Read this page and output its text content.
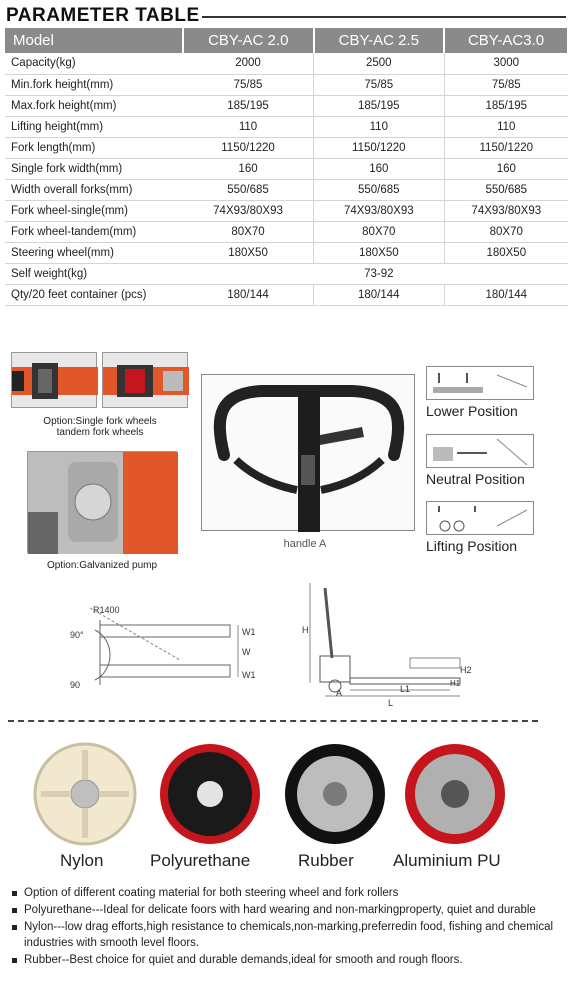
PARAMETER TABLE
Model	CBY-AC 2.0	CBY-AC 2.5	CBY-AC3.0
Capacity(kg)	2000	2500	3000
Min.fork height(mm)	75/85	75/85	75/85
Max.fork height(mm)	185/195	185/195	185/195
Lifting height(mm)	110	110	110
Fork length(mm)	1150/1220	1150/1220	1150/1220
Single fork width(mm)	160	160	160
Width overall forks(mm)	550/685	550/685	550/685
Fork wheel-single(mm)	74X93/80X93	74X93/80X93	74X93/80X93
Fork wheel-tandem(mm)	80X70	80X70	80X70
Steering wheel(mm)	180X50	180X50	180X50
Self weight(kg)		73-92	
Qty/20 feet container (pcs)	180/144	180/144	180/144
Option:Single fork wheels
tandem fork wheels
Option:Galvanized pump
handle A
Lower Position
Neutral Position
Lifting Position
R1400
90°
90
W1
W
W1
H
H2
H1
A	L1
L
Nylon	Polyurethane	Rubber Aluminium PU
Option of different coating material for both steering wheel and fork rollers
Polyurethane---Ideal for delicate foors with hard wearing and non-markingproperty, quiet and durable
Nylon---low drag efforts,high resistance to chemicals,non-marking,preferredin food, fishing and chemical industries with smooth level floors.
Rubber--Best choice for quiet and durable demands,ideal for smooth and rough floors.
